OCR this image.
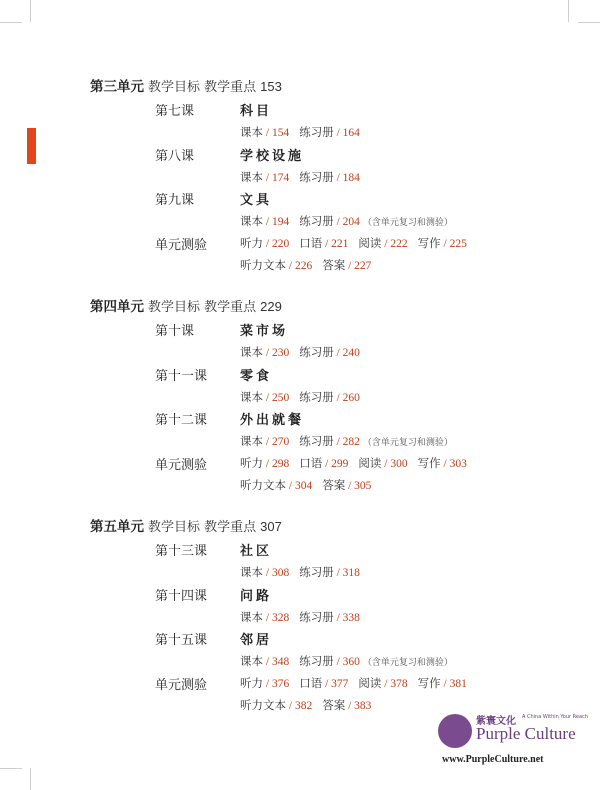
第三单元 教学目标 教学重点 153
第七课	科目
课本 / 154 练习册 / 164
第八课	学校设施
课本 / 174 练习册 / 184
第九课	文具
课本 / 194 练习册 / 204 （含单元复习和测验）
单元测验	听力 / 220 口语 / 221 阅读 / 222 写作 / 225
听力文本 / 226 答案 / 227
第四单元 教学目标 教学重点 229
第十课	菜市场
课本 / 230 练习册 / 240
第十一课	零食
课本 / 250 练习册 / 260
第十二课	外出就餐
课本 / 270 练习册 / 282 （含单元复习和测验）
单元测验	听力 / 298 口语 / 299 阅读 / 300 写作 / 303
听力文本 / 304 答案 / 305
第五单元 教学目标 教学重点 307
第十三课	社区
课本 / 308 练习册 / 318
第十四课	问路
课本 / 328 练习册 / 338
第十五课	邻居
课本 / 348 练习册 / 360 （含单元复习和测验）
单元测验	听力 / 376 口语 / 377 阅读 / 378 写作 / 381
听力文本 / 382 答案 / 383
紫寰文化 A China Within Your Reach
Purple Culture
www.PurpleCulture.net
